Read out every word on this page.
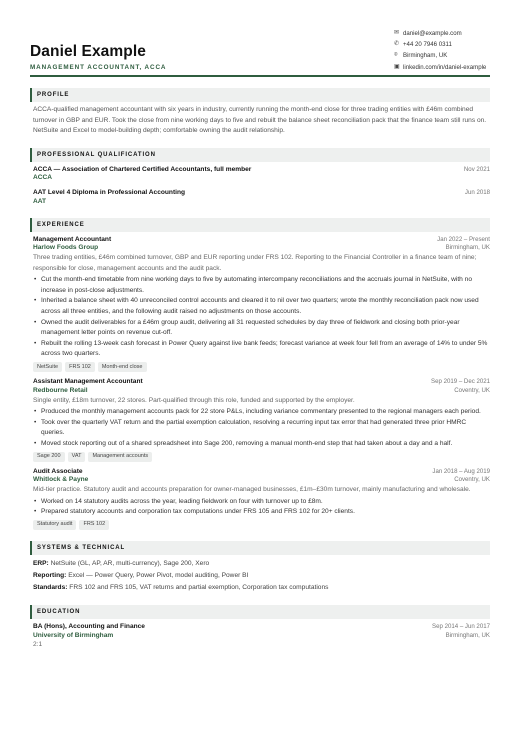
Daniel Example
MANAGEMENT ACCOUNTANT, ACCA
✉ daniel@example.com
✆ +44 20 7946 0311
⌾ Birmingham, UK
▣ linkedin.com/in/daniel-example
PROFILE
ACCA-qualified management accountant with six years in industry, currently running the month-end close for three trading entities with £46m combined turnover in GBP and EUR. Took the close from nine working days to five and rebuilt the balance sheet reconciliation pack that the finance team still runs on. NetSuite and Excel to model-building depth; comfortable owning the audit relationship.
PROFESSIONAL QUALIFICATION
ACCA — Association of Chartered Certified Accountants, full member	Nov 2021
ACCA
AAT Level 4 Diploma in Professional Accounting	Jun 2018
AAT
EXPERIENCE
Management Accountant	Jan 2022 – Present
Harlow Foods Group	Birmingham, UK
Three trading entities, £46m combined turnover, GBP and EUR reporting under FRS 102. Reporting to the Financial Controller in a finance team of nine; responsible for close, management accounts and the audit pack.
• Cut the month-end timetable from nine working days to five by automating intercompany reconciliations and the accruals journal in NetSuite, with no increase in post-close adjustments.
• Inherited a balance sheet with 40 unreconciled control accounts and cleared it to nil over two quarters; wrote the monthly reconciliation pack now used across all three entities, and the following audit raised no adjustments on those accounts.
• Owned the audit deliverables for a £46m group audit, delivering all 31 requested schedules by day three of fieldwork and closing both prior-year management letter points on revenue cut-off.
• Rebuilt the rolling 13-week cash forecast in Power Query against live bank feeds; forecast variance at week four fell from an average of 14% to under 5% across two quarters.
NetSuite	FRS 102	Month-end close
Assistant Management Accountant	Sep 2019 – Dec 2021
Redbourne Retail	Coventry, UK
Single entity, £18m turnover, 22 stores. Part-qualified through this role, funded and supported by the employer.
• Produced the monthly management accounts pack for 22 store P&Ls, including variance commentary presented to the regional managers each period.
• Took over the quarterly VAT return and the partial exemption calculation, resolving a recurring input tax error that had generated three prior HMRC queries.
• Moved stock reporting out of a shared spreadsheet into Sage 200, removing a manual month-end step that had taken about a day and a half.
Sage 200	VAT	Management accounts
Audit Associate	Jan 2018 – Aug 2019
Whitlock & Payne	Coventry, UK
Mid-tier practice. Statutory audit and accounts preparation for owner-managed businesses, £1m–£30m turnover, mainly manufacturing and wholesale.
• Worked on 14 statutory audits across the year, leading fieldwork on four with turnover up to £8m.
• Prepared statutory accounts and corporation tax computations under FRS 105 and FRS 102 for 20+ clients.
Statutory audit	FRS 102
SYSTEMS & TECHNICAL
ERP: NetSuite (GL, AP, AR, multi-currency), Sage 200, Xero
Reporting: Excel — Power Query, Power Pivot, model auditing, Power BI
Standards: FRS 102 and FRS 105, VAT returns and partial exemption, Corporation tax computations
EDUCATION
BA (Hons), Accounting and Finance	Sep 2014 – Jun 2017
University of Birmingham	Birmingham, UK
2:1
